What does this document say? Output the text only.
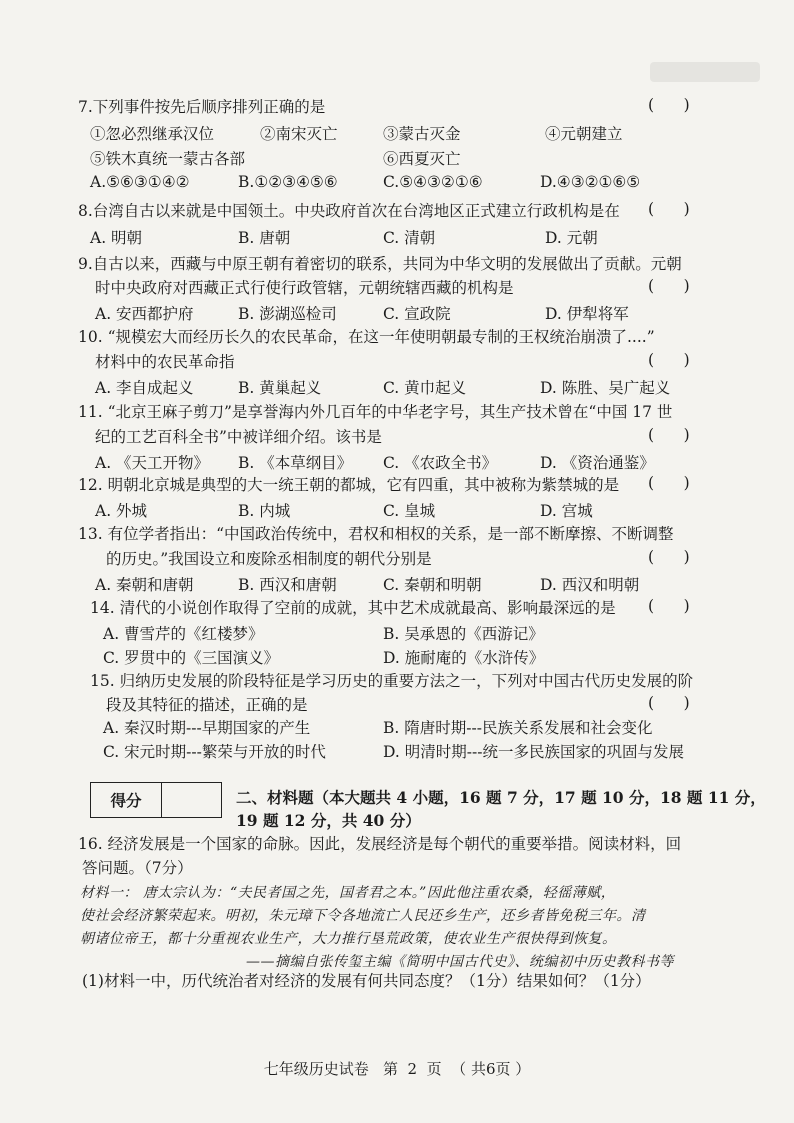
7.下列事件按先后顺序排列正确的是	(      )
①忽必烈继承汉位	②南宋灭亡	③蒙古灭金	④元朝建立
⑤铁木真统一蒙古各部	⑥西夏灭亡
A.⑤⑥③①④②	B.①②③④⑤⑥	C.⑤④③②①⑥	D.④③②①⑥⑤
8.台湾自古以来就是中国领土。中央政府首次在台湾地区正式建立行政机构是在 (      )
A. 明朝	B. 唐朝	C. 清朝	D. 元朝
9.自古以来，西藏与中原王朝有着密切的联系，共同为中华文明的发展做出了贡献。元朝
时中央政府对西藏正式行使行政管辖，元朝统辖西藏的机构是	(      )
A. 安西都护府	B. 澎湖巡检司	C. 宣政院	D. 伊犁将军
10. “规模宏大而经历长久的农民革命，在这一年使明朝最专制的王权统治崩溃了....”
材料中的农民革命指	(      )
A. 李自成起义	B. 黄巢起义	C. 黄巾起义	D. 陈胜、吴广起义
11. “北京王麻子剪刀”是享誉海内外几百年的中华老字号，其生产技术曾在“中国 17 世
纪的工艺百科全书”中被详细介绍。该书是	(      )
A. 《天工开物》 B. 《本草纲目》 C. 《农政全书》	D. 《资治通鉴》
12. 明朝北京城是典型的大一统王朝的都城，它有四重，其中被称为紫禁城的是 (      )
A. 外城	B. 内城	C. 皇城	D. 宫城
13. 有位学者指出：“中国政治传统中，君权和相权的关系，是一部不断摩擦、不断调整
的历史。”我国设立和废除丞相制度的朝代分别是	(      )
A. 秦朝和唐朝	B. 西汉和唐朝	C. 秦朝和明朝	D. 西汉和明朝
14. 清代的小说创作取得了空前的成就，其中艺术成就最高、影响最深远的是 (      )
A. 曹雪芹的《红楼梦》	B. 吴承恩的《西游记》
C. 罗贯中的《三国演义》	D. 施耐庵的《水浒传》
15. 归纳历史发展的阶段特征是学习历史的重要方法之一，下列对中国古代历史发展的阶
段及其特征的描述，正确的是	(      )
A. 秦汉时期---早期国家的产生	B. 隋唐时期---民族关系发展和社会变化
C. 宋元时期---繁荣与开放的时代	D. 明清时期---统一多民族国家的巩固与发展
得分	二、材料题（本大题共 4 小题，16 题 7 分，17 题 10 分，18 题 11 分，
19 题 12 分，共 40 分）
16. 经济发展是一个国家的命脉。因此，发展经济是每个朝代的重要举措。阅读材料，回
答问题。（7分）
材料一： 唐太宗认为：“夫民者国之先，国者君之本。”因此他注重农桑，轻徭薄赋，
使社会经济繁荣起来。明初，朱元璋下令各地流亡人民还乡生产，还乡者皆免税三年。清
朝诸位帝王，都十分重视农业生产，大力推行垦荒政策，使农业生产很快得到恢复。
——摘编自张传玺主编《简明中国古代史》、统编初中历史教科书等
(1)材料一中，历代统治者对经济的发展有何共同态度？（1分）结果如何？（1分）
七年级历史试卷   第  2  页  （ 共6页 ）
